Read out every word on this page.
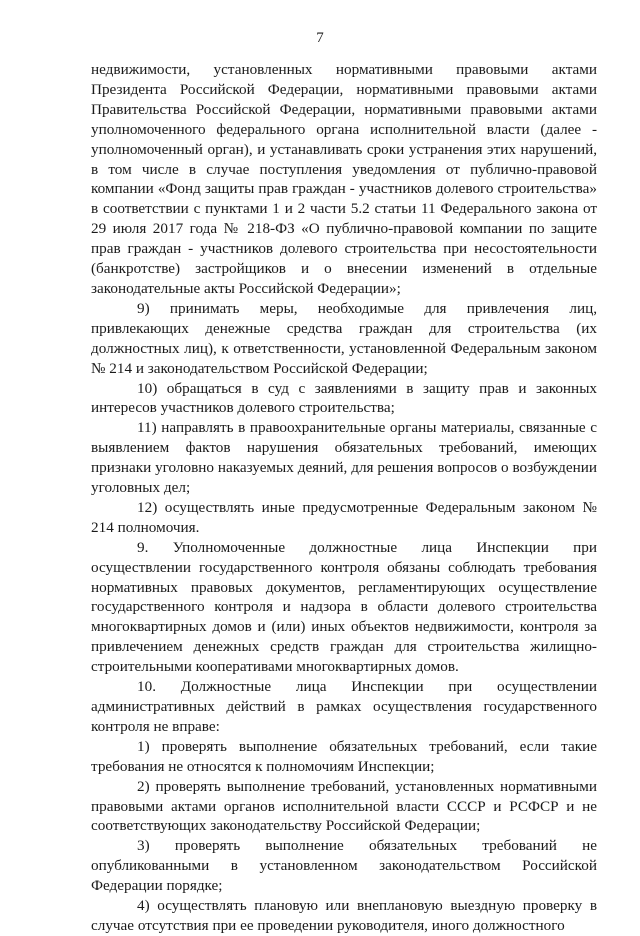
7

недвижимости, установленных нормативными правовыми актами Президента Российской Федерации, нормативными правовыми актами Правительства Российской Федерации, нормативными правовыми актами уполномоченного федерального органа исполнительной власти (далее - уполномоченный орган), и устанавливать сроки устранения этих нарушений, в том числе в случае поступления уведомления от публично-правовой компании «Фонд защиты прав граждан - участников долевого строительства» в соответствии с пунктами 1 и 2 части 5.2 статьи 11 Федерального закона от 29 июля 2017 года № 218-ФЗ «О публично-правовой компании по защите прав граждан - участников долевого строительства при несостоятельности (банкротстве) застройщиков и о внесении изменений в отдельные законодательные акты Российской Федерации»;

9) принимать меры, необходимые для привлечения лиц, привлекающих денежные средства граждан для строительства (их должностных лиц), к ответственности, установленной Федеральным законом № 214 и законодательством Российской Федерации;

10) обращаться в суд с заявлениями в защиту прав и законных интересов участников долевого строительства;

11) направлять в правоохранительные органы материалы, связанные с выявлением фактов нарушения обязательных требований, имеющих признаки уголовно наказуемых деяний, для решения вопросов о возбуждении уголовных дел;

12) осуществлять иные предусмотренные Федеральным законом № 214 полномочия.

9. Уполномоченные должностные лица Инспекции при осуществлении государственного контроля обязаны соблюдать требования нормативных правовых документов, регламентирующих осуществление государственного контроля и надзора в области долевого строительства многоквартирных домов и (или) иных объектов недвижимости, контроля за привлечением денежных средств граждан для строительства жилищно-строительными кооперативами многоквартирных домов.

10. Должностные лица Инспекции при осуществлении административных действий в рамках осуществления государственного контроля не вправе:

1) проверять выполнение обязательных требований, если такие требования не относятся к полномочиям Инспекции;

2) проверять выполнение требований, установленных нормативными правовыми актами органов исполнительной власти СССР и РСФСР и не соответствующих законодательству Российской Федерации;

3) проверять выполнение обязательных требований не опубликованными в установленном законодательством Российской Федерации порядке;

4) осуществлять плановую или внеплановую выездную проверку в случае отсутствия при ее проведении руководителя, иного должностного
